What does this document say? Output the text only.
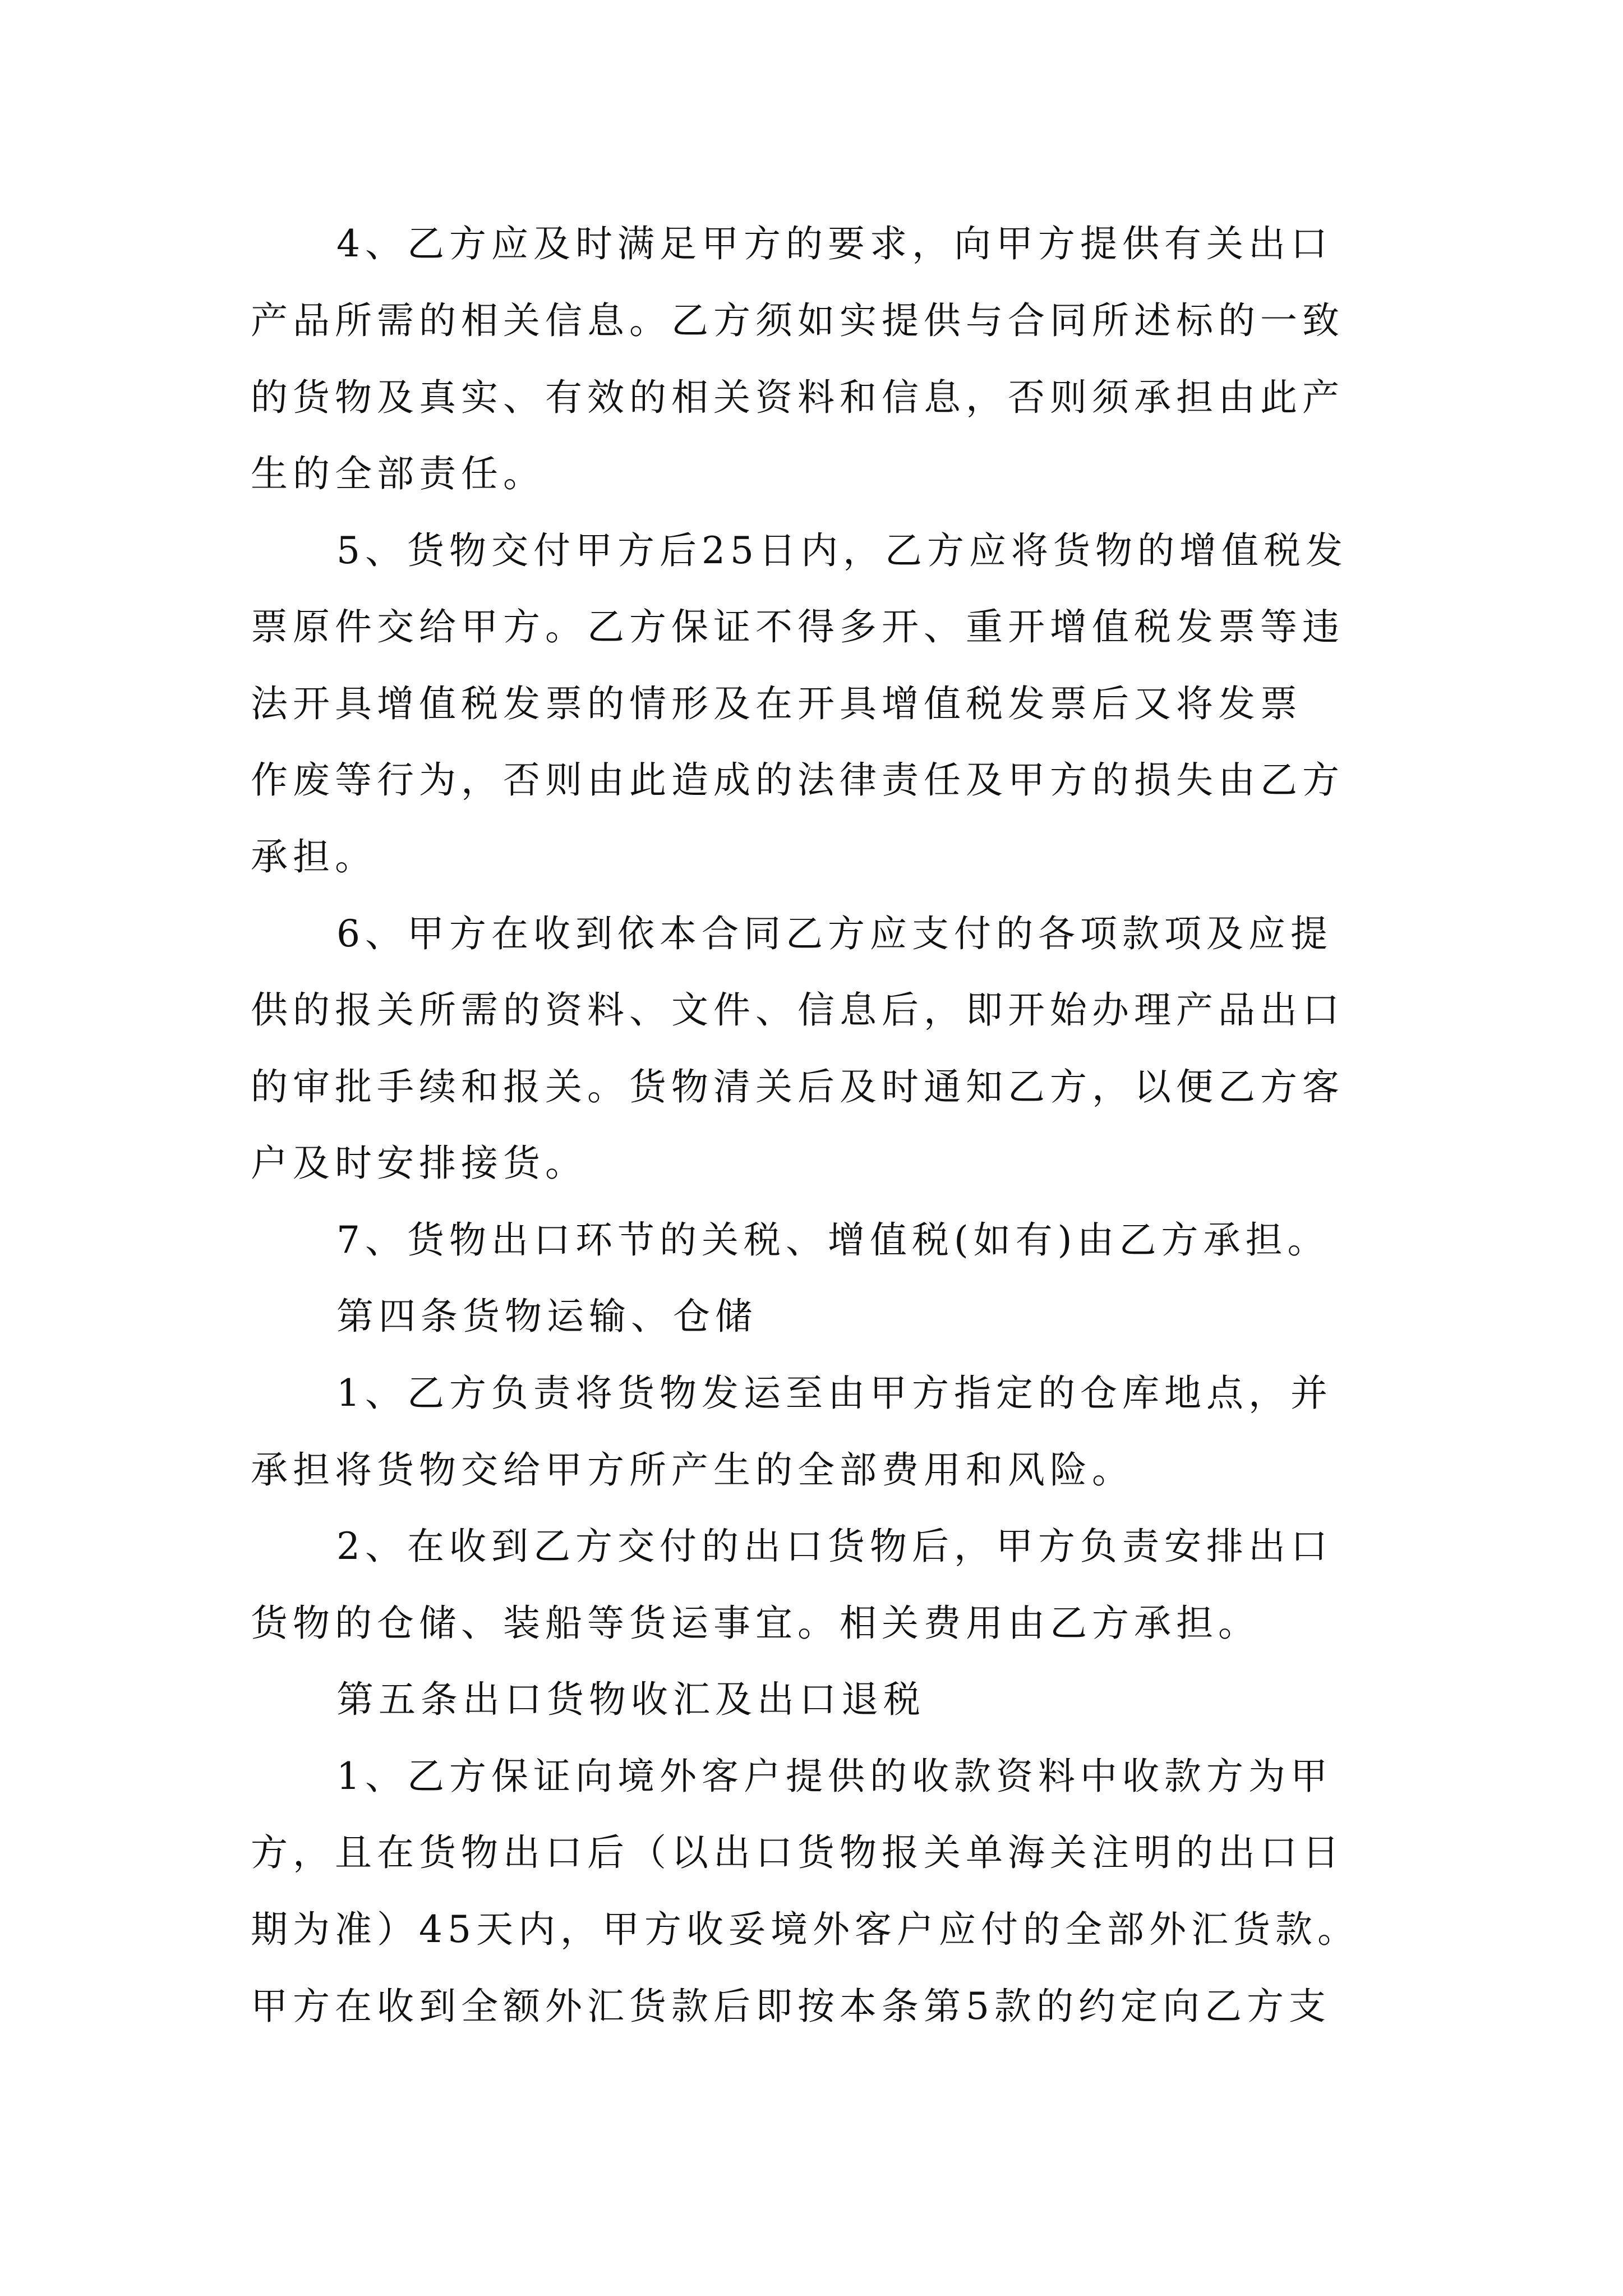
4、乙方应及时满足甲方的要求，向甲方提供有关出口
产品所需的相关信息。乙方须如实提供与合同所述标的一致
的货物及真实、有效的相关资料和信息，否则须承担由此产
生的全部责任。
5、货物交付甲方后25日内，乙方应将货物的增值税发
票原件交给甲方。乙方保证不得多开、重开增值税发票等违
法开具增值税发票的情形及在开具增值税发票后又将发票
作废等行为，否则由此造成的法律责任及甲方的损失由乙方
承担。
6、甲方在收到依本合同乙方应支付的各项款项及应提
供的报关所需的资料、文件、信息后，即开始办理产品出口
的审批手续和报关。货物清关后及时通知乙方，以便乙方客
户及时安排接货。
7、货物出口环节的关税、增值税(如有)由乙方承担。
第四条货物运输、仓储
1、乙方负责将货物发运至由甲方指定的仓库地点，并
承担将货物交给甲方所产生的全部费用和风险。
2、在收到乙方交付的出口货物后，甲方负责安排出口
货物的仓储、装船等货运事宜。相关费用由乙方承担。
第五条出口货物收汇及出口退税
1、乙方保证向境外客户提供的收款资料中收款方为甲
方，且在货物出口后（以出口货物报关单海关注明的出口日
期为准）45天内，甲方收妥境外客户应付的全部外汇货款。
甲方在收到全额外汇货款后即按本条第5款的约定向乙方支
